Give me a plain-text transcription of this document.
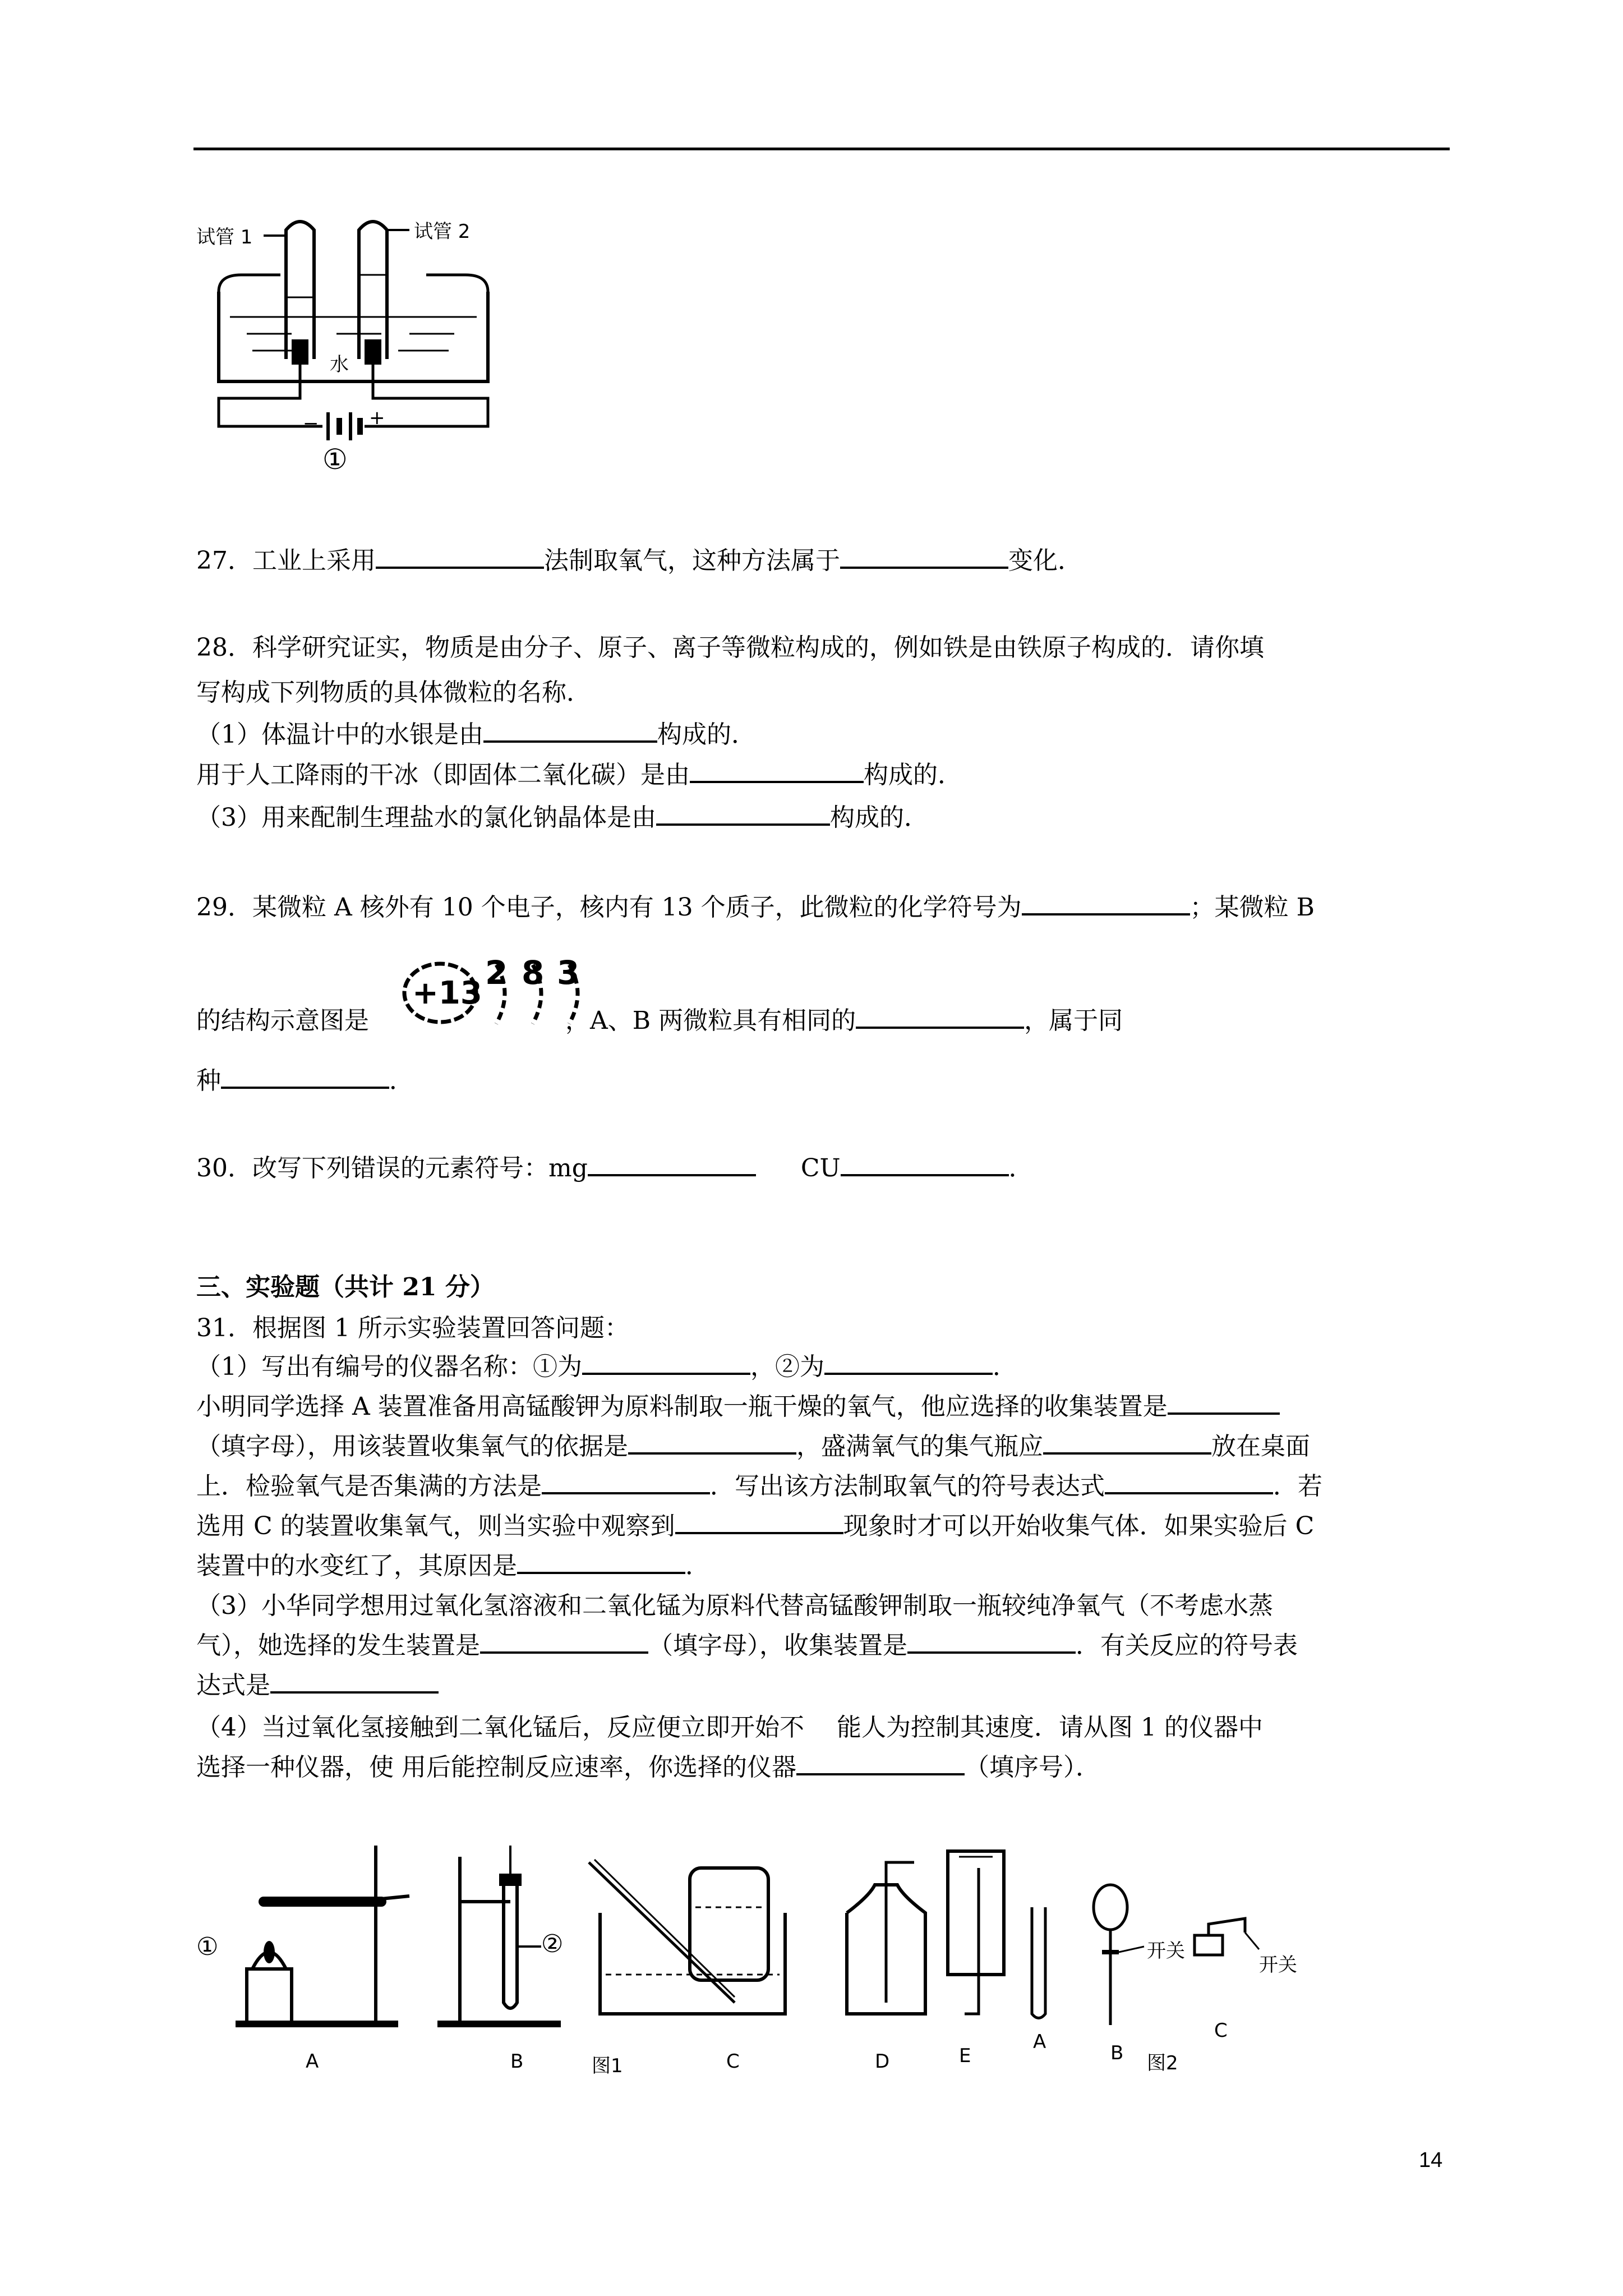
试管 1	试管 2
水
−	+
①
27．工业上采用	法制取氧气，这种方法属于	变化．
28．科学研究证实，物质是由分子、原子、离子等微粒构成的，例如铁是由铁原子构成的．请你填
写构成下列物质的具体微粒的名称．
（1）体温计中的水银是由	构成的．
用于人工降雨的干冰（即固体二氧化碳）是由	构成的．
（3）用来配制生理盐水的氯化钠晶体是由	构成的．
29．某微粒 A 核外有 10 个电子，核内有 13 个质子，此微粒的化学符号为	；某微粒 B
的结构示意图是	，A、B 两微粒具有相同的	，属于同
+13
2 8 3
种	．
30．改写下列错误的元素符号：mg	CU	．
三、实验题（共计 21 分）
31．根据图 1 所示实验装置回答问题：
（1）写出有编号的仪器名称：①为	，②为	．
小明同学选择 A 装置准备用高锰酸钾为原料制取一瓶干燥的氧气，他应选择的收集装置是
（填字母），用该装置收集氧气的依据是	，盛满氧气的集气瓶应	放在桌面
上．检验氧气是否集满的方法是	．写出该方法制取氧气的符号表达式	．若
选用 C 的装置收集氧气，则当实验中观察到	现象时才可以开始收集气体．如果实验后 C
装置中的水变红了，其原因是	．
（3）小华同学想用过氧化氢溶液和二氧化锰为原料代替高锰酸钾制取一瓶较纯净氧气（不考虑水蒸
气），她选择的发生装置是	（填字母），收集装置是	．有关反应的符号表
达式是
（4）当过氧化氢接触到二氧化锰后，反应便立即开始不　 能人为控制其速度．请从图 1 的仪器中
选择一种仪器，使 用后能控制反应速率，你选择的仪器	（填序号）．
①	②
A	B	图1	C	D	E
A	B
C
图2
开关
开关
14
